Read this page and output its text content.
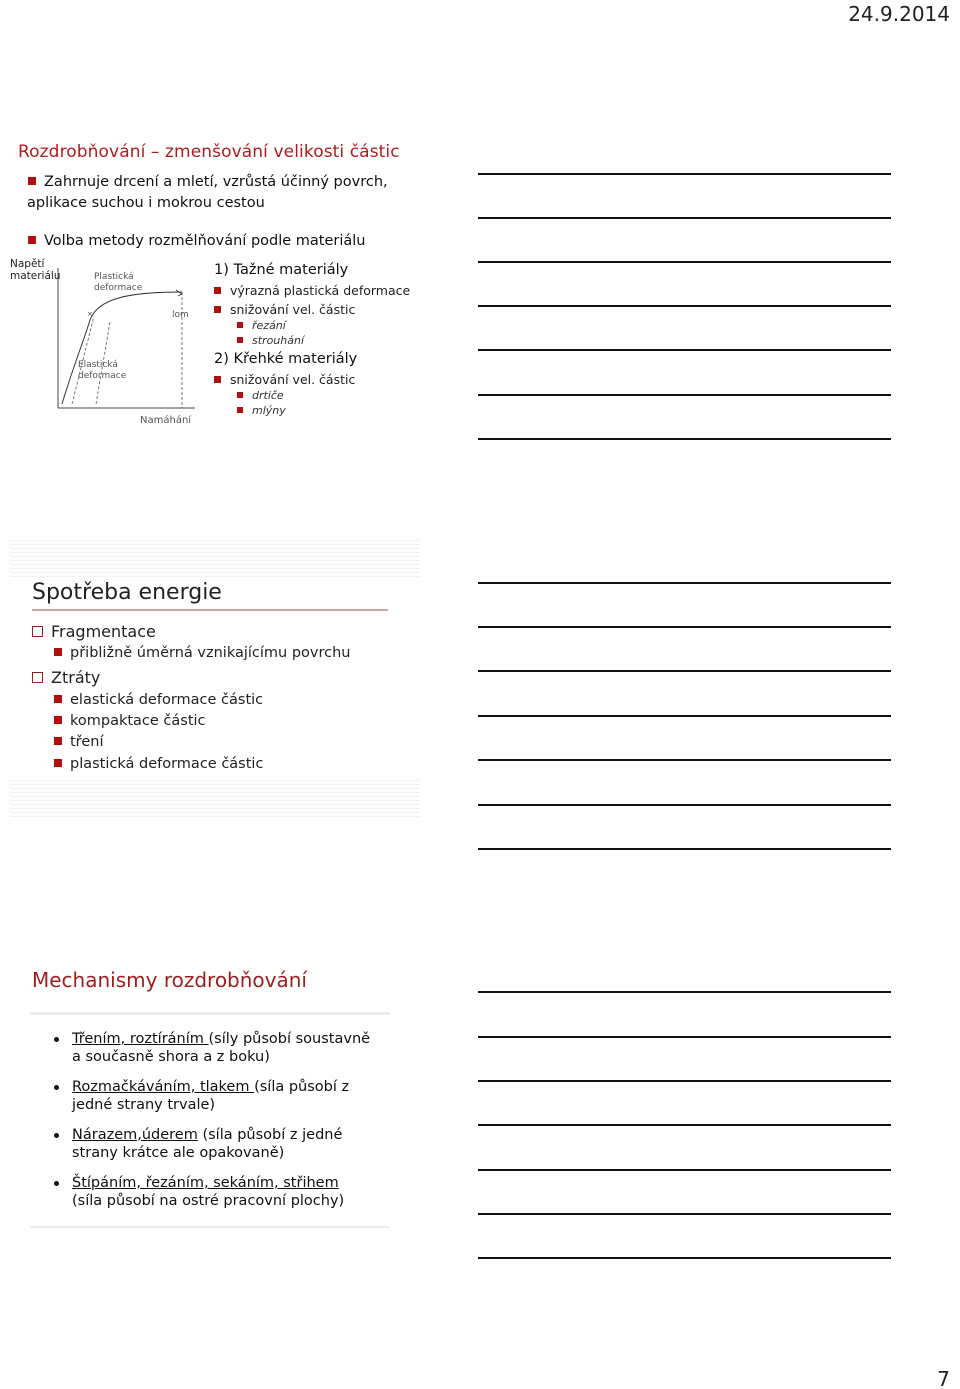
24.9.2014
7
Rozdrobňování – zmenšování velikosti částic
Zahrnuje drcení a mletí, vzrůstá účinný povrch,
aplikace suchou i mokrou cestou
Volba metody rozmělňování podle materiálu
Napětí
materiálu
×
Plastická
deformace
Elastická
deformace
lom
Namáhání
1) Tažné materiály
výrazná plastická deformace
snižování vel. částic
řezání
strouhání
2) Křehké materiály
snižování vel. částic
drtiče
mlýny
Spotřeba energie
Fragmentace
přibližně úměrná vznikajícímu povrchu
Ztráty
elastická deformace částic
kompaktace částic
tření
plastická deformace částic
Mechanismy rozdrobňování
Třením, roztíráním (síly působí soustavně
a současně shora a z boku)
Rozmačkáváním, tlakem (síla působí z
jedné strany trvale)
Nárazem,úderem (síla působí z jedné
strany krátce ale opakovaně)
Štípáním, řezáním, sekáním, střihem
(síla působí na ostré pracovní plochy)
